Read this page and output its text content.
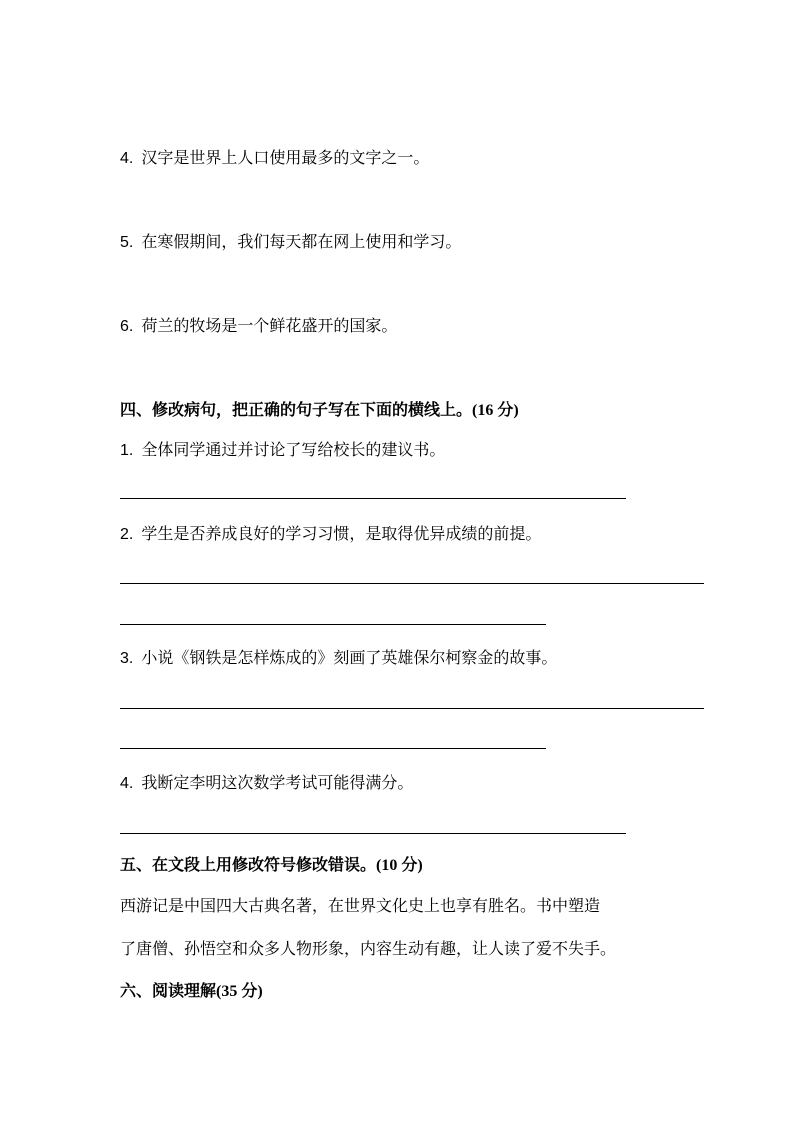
4. 汉字是世界上人口使用最多的文字之一。
5. 在寒假期间，我们每天都在网上使用和学习。
6. 荷兰的牧场是一个鲜花盛开的国家。
四、修改病句，把正确的句子写在下面的横线上。(16 分)
1. 全体同学通过并讨论了写给校长的建议书。
2. 学生是否养成良好的学习习惯，是取得优异成绩的前提。
3. 小说《钢铁是怎样炼成的》刻画了英雄保尔柯察金的故事。
4. 我断定李明这次数学考试可能得满分。
五、在文段上用修改符号修改错误。(10 分)
西游记是中国四大古典名著，在世界文化史上也享有胜名。书中塑造
了唐僧、孙悟空和众多人物形象，内容生动有趣，让人读了爱不失手。
六、阅读理解(35 分)
